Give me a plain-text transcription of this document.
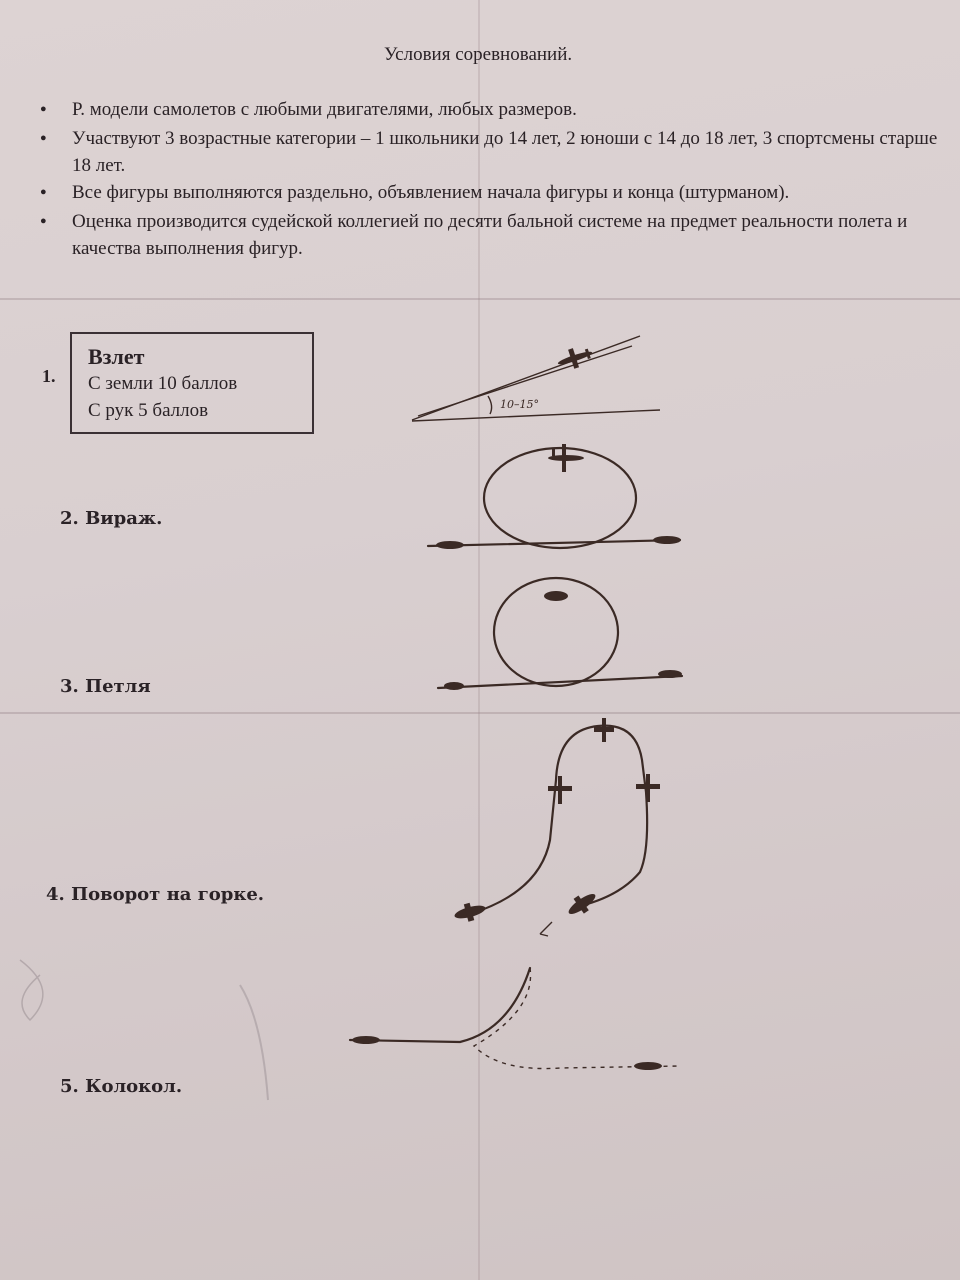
Условия соревнований.
● Р. модели самолетов с любыми двигателями, любых размеров.
● Участвуют 3 возрастные категории – 1 школьники до 14 лет, 2 юноши с 14 до 18 лет, 3 спортсмены старше 18 лет.
● Все фигуры выполняются раздельно, объявлением начала фигуры и конца (штурманом).
● Оценка производится судейской коллегией по десяти бальной системе на предмет реальности полета и качества выполнения фигур.
1.
Взлет
С земли 10 баллов
С рук 5 баллов
2. Вираж.
3. Петля
4. Поворот на горке.
5. Колокол.
10–15°
